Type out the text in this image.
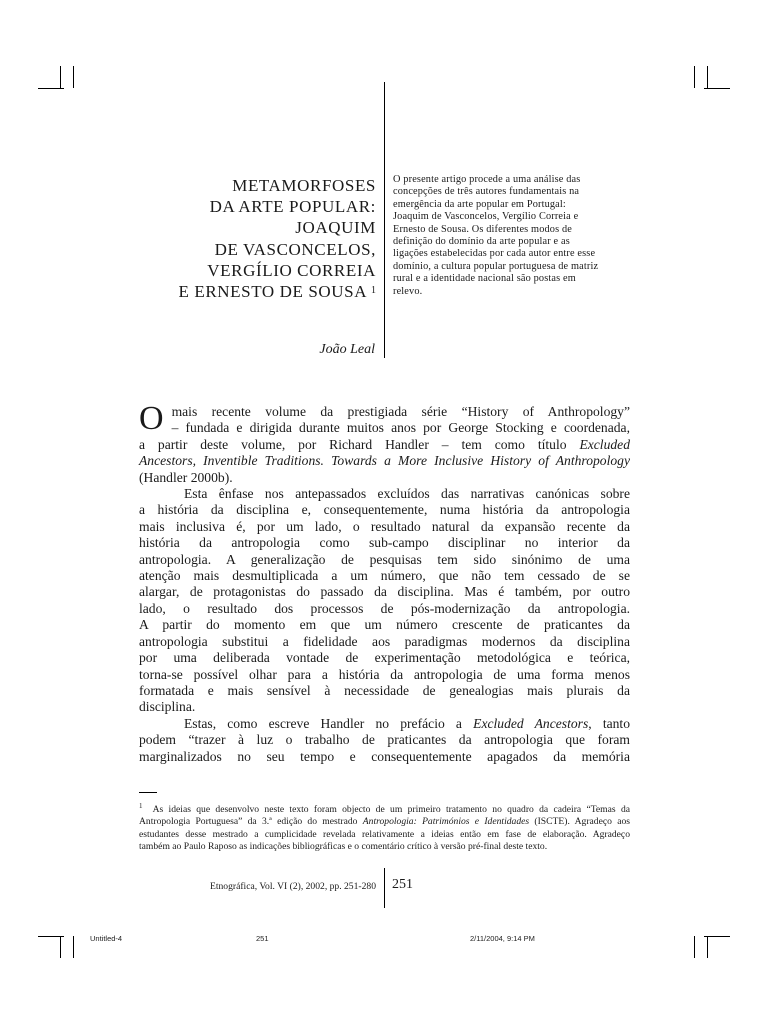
METAMORFOSES
DA ARTE POPULAR:
JOAQUIM
DE VASCONCELOS,
VERGÍLIO CORREIA
E ERNESTO DE SOUSA $^1$
O presente artigo procede a uma análise das
concepções de três autores fundamentais na
emergência da arte popular em Portugal:
Joaquim de Vasconcelos, Vergílio Correia e
Ernesto de Sousa. Os diferentes modos de
definição do domínio da arte popular e as
ligações estabelecidas por cada autor entre esse
domínio, a cultura popular portuguesa de matriz
rural e a identidade nacional são postas em
relevo.
João Leal

O mais recente volume da prestigiada série “History of Anthropology”
– fundada e dirigida durante muitos anos por George Stocking e coordenada,
a partir deste volume, por Richard Handler – tem como título Excluded
Ancestors, Inventible Traditions. Towards a More Inclusive History of Anthropology
(Handler 2000b).

Esta ênfase nos antepassados excluídos das narrativas canónicas sobre
a história da disciplina e, consequentemente, numa história da antropologia
mais inclusiva é, por um lado, o resultado natural da expansão recente da
história da antropologia como sub-campo disciplinar no interior da
antropologia. A generalização de pesquisas tem sido sinónimo de uma
atenção mais desmultiplicada a um número, que não tem cessado de se
alargar, de protagonistas do passado da disciplina. Mas é também, por outro
lado, o resultado dos processos de pós-modernização da antropologia.
A partir do momento em que um número crescente de praticantes da
antropologia substitui a fidelidade aos paradigmas modernos da disciplina
por uma deliberada vontade de experimentação metodológica e teórica,
torna-se possível olhar para a história da antropologia de uma forma menos
formatada e mais sensível à necessidade de genealogias mais plurais da
disciplina.

Estas, como escreve Handler no prefácio a Excluded Ancestors, tanto
podem “trazer à luz o trabalho de praticantes da antropologia que foram
marginalizados no seu tempo e consequentemente apagados da memória

$^1$ As ideias que desenvolvo neste texto foram objecto de um primeiro tratamento no quadro da cadeira “Temas da
Antropologia Portuguesa” da 3.ª edição do mestrado Antropologia: Patrimónios e Identidades (ISCTE). Agradeço aos
estudantes desse mestrado a cumplicidade revelada relativamente a ideias então em fase de elaboração. Agradeço
também ao Paulo Raposo as indicações bibliográficas e o comentário crítico à versão pré-final deste texto.
Etnográfica, Vol. VI (2), 2002, pp. 251-280 251
Untitled-4	251	2/11/2004, 9:14 PM
